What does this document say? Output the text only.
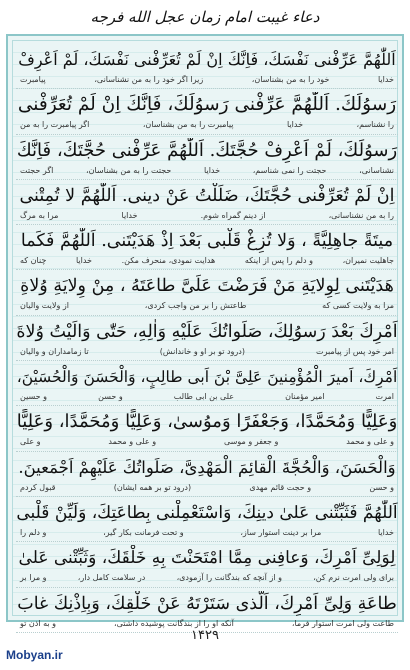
دعاء غیبت امام زمان عجل الله فرجه
اَللّٰهُمَّ عَرِّفْنی نَفْسَكَ، فَاِنَّكَ اِنْ لَمْ تُعَرِّفْنی نَفْسَكَ، لَمْ اَعْرِفْ
خدایا
خود را به من بشناسان،
زیرا اگر خود را به من نشناسانی،
پیامبرت
رَسوُلَكَ. اَللّٰهُمَّ عَرِّفْنی رَسوُلَكَ، فَاِنَّكَ اِنْ لَمْ تُعَرِّفْنی
را نشناسم،
خدایا
پیامبرت را به من بشناسان،
اگر پیامبرت را به من
رَسوُلَكَ، لَمْ اَعْرِفْ حُجَّتَكَ. اَللّٰهُمَّ عَرِّفْنی حُجَّتَكَ، فَاِنَّكَ
نشناسانی،
حجتت را نمی شناسم،
خدایا
حجتت را به من بشناسان،
اگر حجتت
اِنْ لَمْ تُعَرِّفْنی حُجَّتَكَ، ضَلَلْتُ عَنْ دینی. اَللّٰهُمَّ لا تُمِتْنی
را به من نشناسانی،
از دینم گمراه شوم.
خدایا
مرا به مرگ
میتَةً جاهِلِیَّةً ، وَلا تُزِغْ قَلْبی بَعْدَ اِذْ هَدَیْتَنی. اَللّٰهُمَّ فَكَما
جاهلیت نمیران،
و دلم را پس از اینکه
هدایت نمودی، منحرف مکن.
خدایا
چنان که
هَدَیْتَنی لِوِلایَةِ مَنْ فَرَضْتَ عَلَیَّ طاعَتَهُ ، مِنْ وِلایَةِ وُلاةِ
مرا به ولایت کسی که
طاعتش را بر من واجب کردی،
از ولایت والیان
اَمْرِكَ بَعْدَ رَسوُلِكَ، صَلَواتُكَ عَلَیْهِ وَاٰلِهِ، حَتّٰی وَالَیْتُ وُلاةَ
امر خود پس از پیامبرت
(درود تو بر او و خاندانش)
تا زمامداران و والیان
اَمْرِكَ، اَمیرَ الْمُؤْمِنینَ عَلِیَّ بْنَ اَبی طالِبٍ، وَالْحَسَنَ وَالْحُسَیْنَ،
امرت
امیر مؤمنان
علی بن ابی طالب
و حسن
و حسین
وَعَلِیًّا وَمُحَمَّدًا، وَجَعْفَرًا وَموُسیٰ، وَعَلِیًّا وَمُحَمَّدًا، وَعَلِیًّا
و علی و محمد
و جعفر و موسی
و علی و محمد
و علی
وَالْحَسَنَ، وَالْحُجَّةَ الْقائِمَ الْمَهْدِیَّ، صَلَواتُكَ عَلَیْهِمْ اَجْمَعینَ.
و حسن
و حجت قائم مهدی
(درود تو بر همه ایشان)
قبول کردم
اَللّٰهُمَّ فَثَبِّتْنی عَلیٰ دینِكَ، وَاسْتَعْمِلْنی بِطاعَتِكَ، وَلَیِّنْ قَلْبی
خدایا
مرا بر دینت استوار ساز،
و تحت فرمانت بکار گیر،
و دلم را
لِوَلِیِّ اَمْرِكَ، وَعافِنی مِمَّا امْتَحَنْتَ بِهِ خَلْقَكَ، وَثَبِّتْنی عَلیٰ
برای ولی امرت نرم کن،
و از آنچه که بندگانت را آزمودی،
در سلامت کامل دار،
و مرا بر
طاعَةِ وَلِیِّ اَمْرِكَ، اَلَّذی سَتَرْتَهُ عَنْ خَلْقِكَ، وَبِاِذْنِكَ غابَ
طاعت ولی امرت استوار فرما،
آنکه او را از بندگانت پوشیده داشتی،
و به اذن تو
۱۴۲۹
Mobyan.ir
